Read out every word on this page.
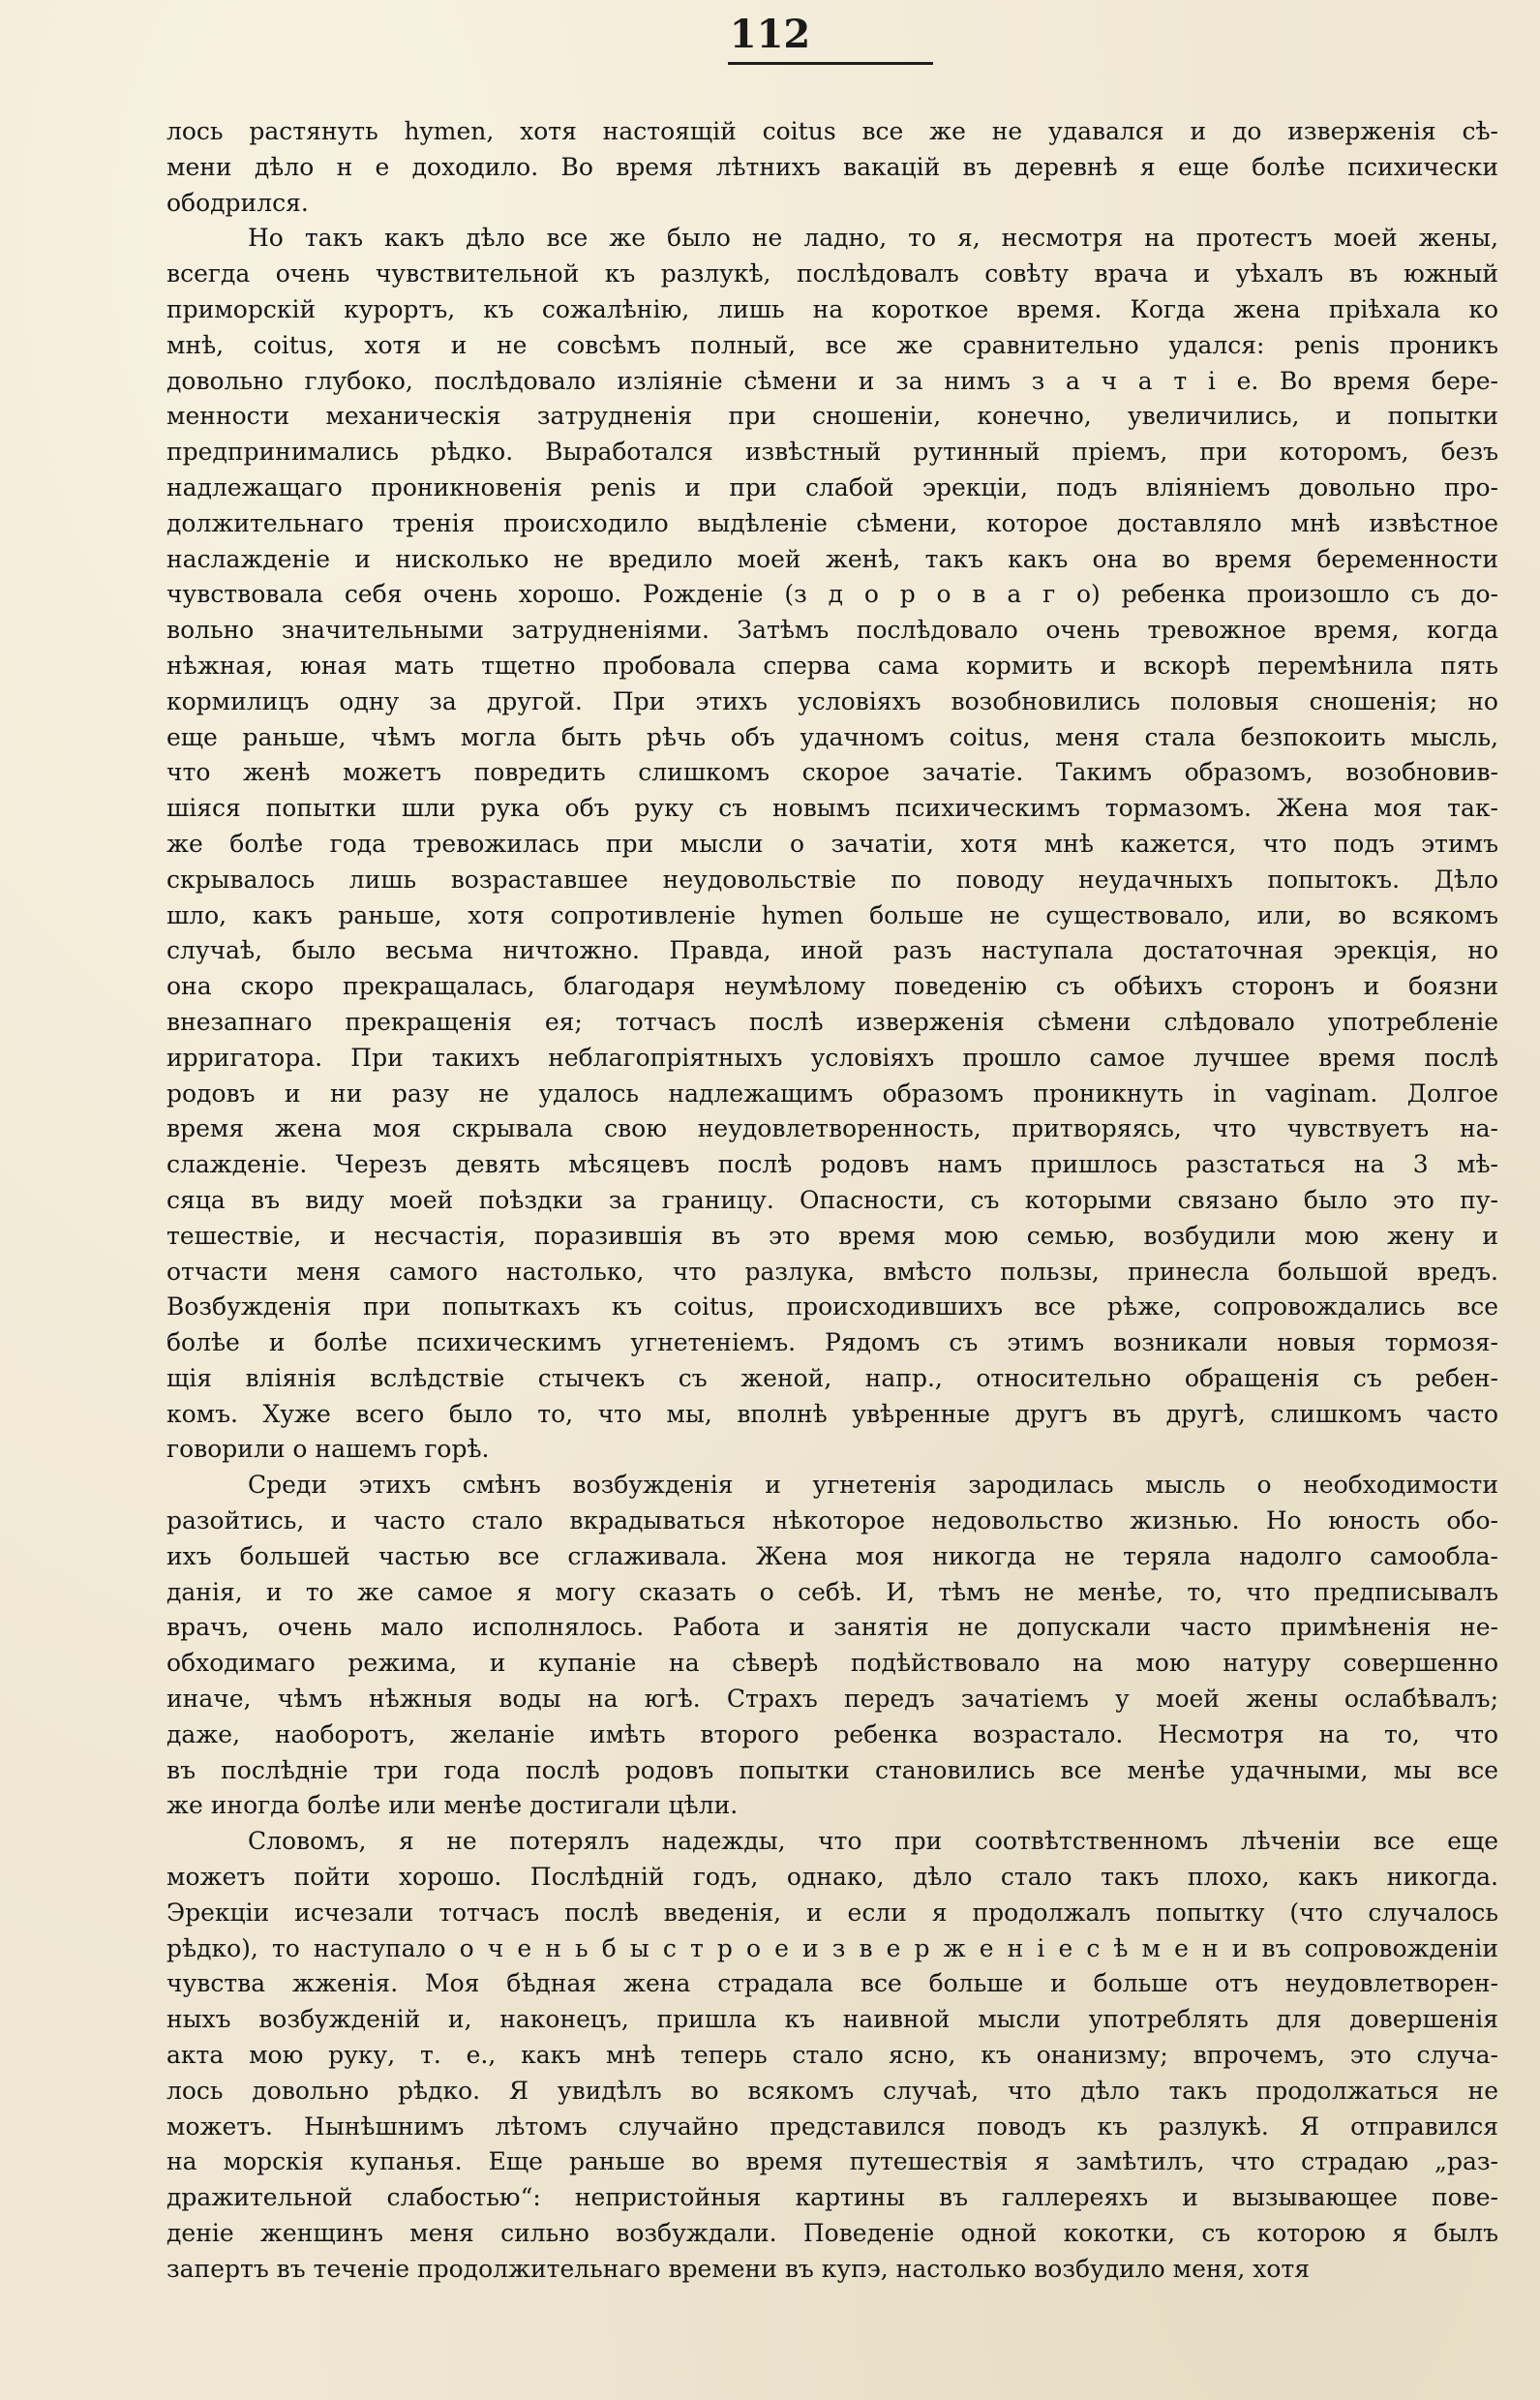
112
лось растянуть hymen, хотя настоящій coitus все же не удавался и до изверженія сѣ-
мени дѣло н е доходило. Во время лѣтнихъ вакацій въ деревнѣ я еще болѣе психически
ободрился.
Но такъ какъ дѣло все же было не ладно, то я, несмотря на протестъ моей жены,
всегда очень чувствительной къ разлукѣ, послѣдовалъ совѣту врача и уѣхалъ въ южный
приморскій курортъ, къ сожалѣнію, лишь на короткое время. Когда жена пріѣхала ко
мнѣ, coitus, хотя и не совсѣмъ полный, все же сравнительно удался: penis проникъ
довольно глубоко, послѣдовало изліяніе сѣмени и за нимъ з а ч а т і е. Во время бере-
менности механическія затрудненія при сношеніи, конечно, увеличились, и попытки
предпринимались рѣдко. Выработался извѣстный рутинный пріемъ, при которомъ, безъ
надлежащаго проникновенія penis и при слабой эрекціи, подъ вліяніемъ довольно про-
должительнаго тренія происходило выдѣленіе сѣмени, которое доставляло мнѣ извѣстное
наслажденіе и нисколько не вредило моей женѣ, такъ какъ она во время беременности
чувствовала себя очень хорошо. Рожденіе (з д о р о в а г о) ребенка произошло съ до-
вольно значительными затрудненіями. Затѣмъ послѣдовало очень тревожное время, когда
нѣжная, юная мать тщетно пробовала сперва сама кормить и вскорѣ перемѣнила пять
кормилицъ одну за другой. При этихъ условіяхъ возобновились половыя сношенія; но
еще раньше, чѣмъ могла быть рѣчь объ удачномъ coitus, меня стала безпокоить мысль,
что женѣ можетъ повредить слишкомъ скорое зачатіе. Такимъ образомъ, возобновив-
шіяся попытки шли рука объ руку съ новымъ психическимъ тормазомъ. Жена моя так-
же болѣе года тревожилась при мысли о зачатіи, хотя мнѣ кажется, что подъ этимъ
скрывалось лишь возраставшее неудовольствіе по поводу неудачныхъ попытокъ. Дѣло
шло, какъ раньше, хотя сопротивленіе hymen больше не существовало, или, во всякомъ
случаѣ, было весьма ничтожно. Правда, иной разъ наступала достаточная эрекція, но
она скоро прекращалась, благодаря неумѣлому поведенію съ обѣихъ сторонъ и боязни
внезапнаго прекращенія ея; тотчасъ послѣ изверженія сѣмени слѣдовало употребленіе
ирригатора. При такихъ неблагопріятныхъ условіяхъ прошло самое лучшее время послѣ
родовъ и ни разу не удалось надлежащимъ образомъ проникнуть in vaginam. Долгое
время жена моя скрывала свою неудовлетворенность, притворяясь, что чувствуетъ на-
слажденіе. Черезъ девять мѣсяцевъ послѣ родовъ намъ пришлось разстаться на 3 мѣ-
сяца въ виду моей поѣздки за границу. Опасности, съ которыми связано было это пу-
тешествіе, и несчастія, поразившія въ это время мою семью, возбудили мою жену и
отчасти меня самого настолько, что разлука, вмѣсто пользы, принесла большой вредъ.
Возбужденія при попыткахъ къ coitus, происходившихъ все рѣже, сопровождались все
болѣе и болѣе психическимъ угнетеніемъ. Рядомъ съ этимъ возникали новыя тормозя-
щія вліянія вслѣдствіе стычекъ съ женой, напр., относительно обращенія съ ребен-
комъ. Хуже всего было то, что мы, вполнѣ увѣренные другъ въ другѣ, слишкомъ часто
говорили о нашемъ горѣ.
Среди этихъ смѣнъ возбужденія и угнетенія зародилась мысль о необходимости
разойтись, и часто стало вкрадываться нѣкоторое недовольство жизнью. Но юность обо-
ихъ большей частью все сглаживала. Жена моя никогда не теряла надолго самообла-
данія, и то же самое я могу сказать о себѣ. И, тѣмъ не менѣе, то, что предписывалъ
врачъ, очень мало исполнялось. Работа и занятія не допускали часто примѣненія не-
обходимаго режима, и купаніе на сѣверѣ подѣйствовало на мою натуру совершенно
иначе, чѣмъ нѣжныя воды на югѣ. Страхъ передъ зачатіемъ у моей жены ослабѣвалъ;
даже, наоборотъ, желаніе имѣть второго ребенка возрастало. Несмотря на то, что
въ послѣдніе три года послѣ родовъ попытки становились все менѣе удачными, мы все
же иногда болѣе или менѣе достигали цѣли.
Словомъ, я не потерялъ надежды, что при соотвѣтственномъ лѣченіи все еще
можетъ пойти хорошо. Послѣдній годъ, однако, дѣло стало такъ плохо, какъ никогда.
Эрекціи исчезали тотчасъ послѣ введенія, и если я продолжалъ попытку (что случалось
рѣдко), то наступало о ч е н ь б ы с т р о е и з в е р ж е н і е с ѣ м е н и въ сопровожденіи
чувства жженія. Моя бѣдная жена страдала все больше и больше отъ неудовлетворен-
ныхъ возбужденій и, наконецъ, пришла къ наивной мысли употреблять для довершенія
акта мою руку, т. е., какъ мнѣ теперь стало ясно, къ онанизму; впрочемъ, это случа-
лось довольно рѣдко. Я увидѣлъ во всякомъ случаѣ, что дѣло такъ продолжаться не
можетъ. Нынѣшнимъ лѣтомъ случайно представился поводъ къ разлукѣ. Я отправился
на морскія купанья. Еще раньше во время путешествія я замѣтилъ, что страдаю „раз-
дражительной слабостью“: непристойныя картины въ галлереяхъ и вызывающее пове-
деніе женщинъ меня сильно возбуждали. Поведеніе одной кокотки, съ которою я былъ
запертъ въ теченіе продолжительнаго времени въ купэ, настолько возбудило меня, хотя
